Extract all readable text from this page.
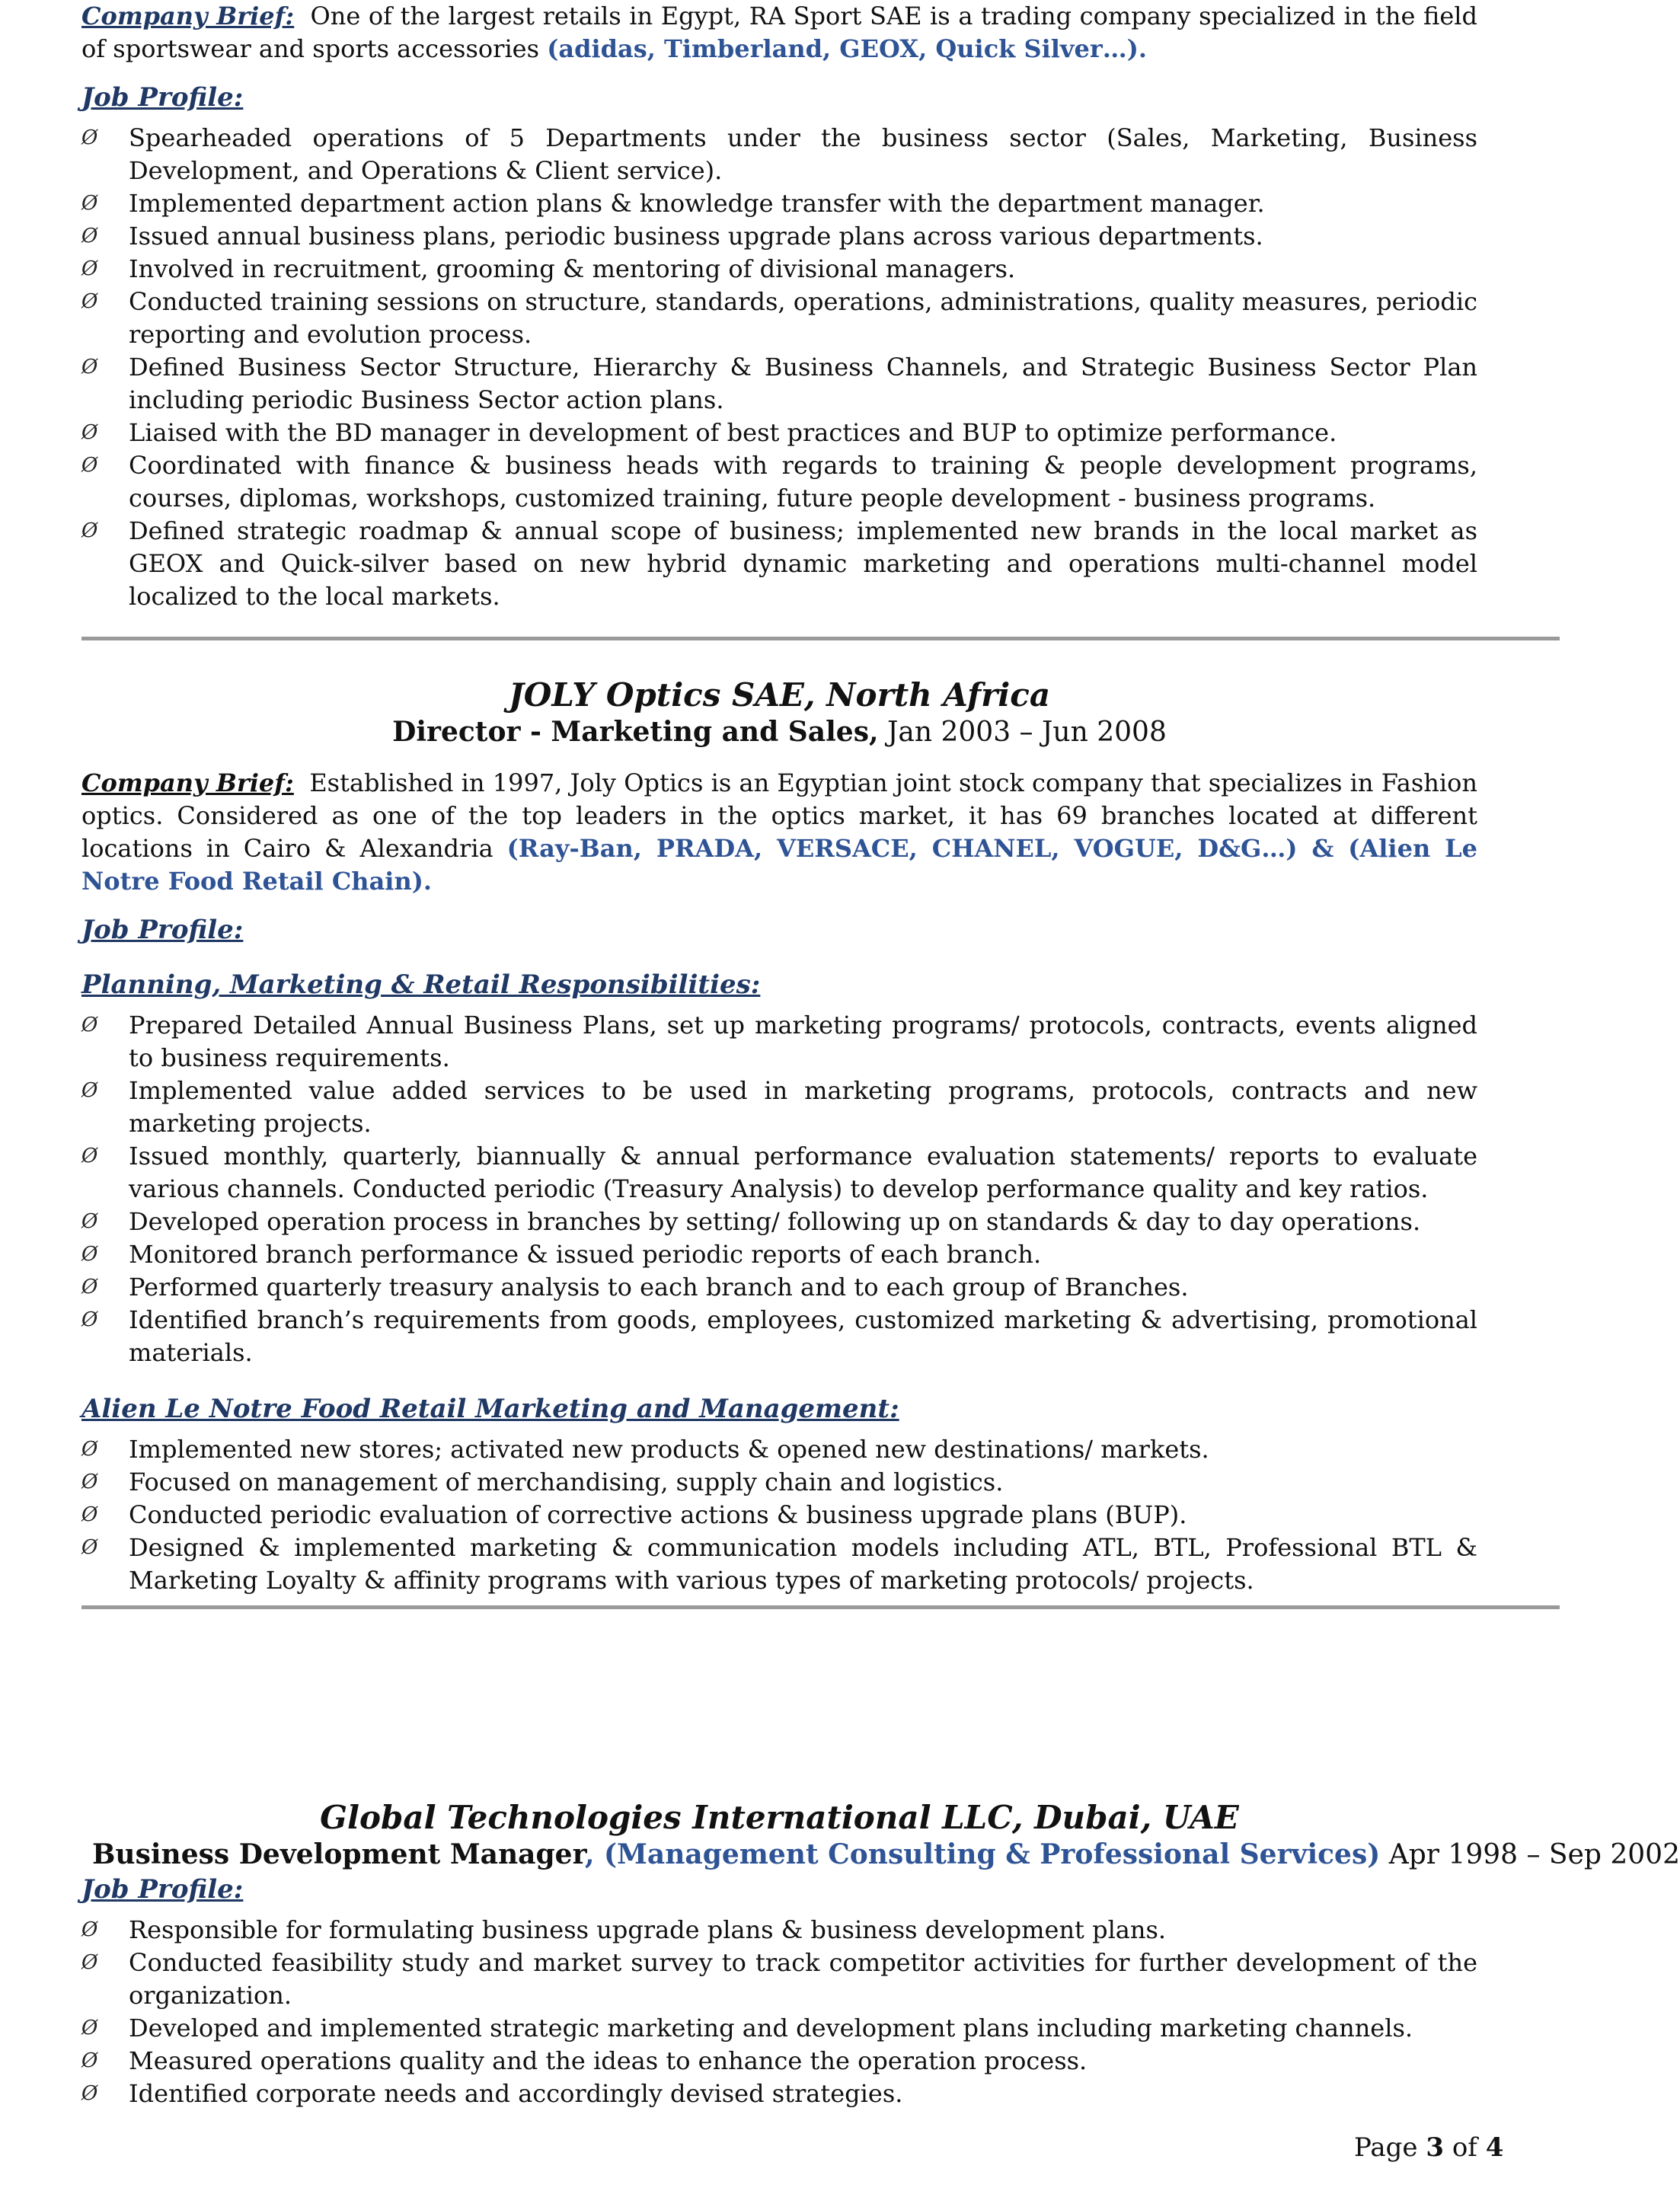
Company Brief: One of the largest retails in Egypt, RA Sport SAE is a trading company specialized in the field of sportswear and sports accessories (adidas, Timberland, GEOX, Quick Silver…).

Job Profile:

Ø Spearheaded operations of 5 Departments under the business sector (Sales, Marketing, Business Development, and Operations & Client service).
Ø Implemented department action plans & knowledge transfer with the department manager.
Ø Issued annual business plans, periodic business upgrade plans across various departments.
Ø Involved in recruitment, grooming & mentoring of divisional managers.
Ø Conducted training sessions on structure, standards, operations, administrations, quality measures, periodic reporting and evolution process.
Ø Defined Business Sector Structure, Hierarchy & Business Channels, and Strategic Business Sector Plan including periodic Business Sector action plans.
Ø Liaised with the BD manager in development of best practices and BUP to optimize performance.
Ø Coordinated with finance & business heads with regards to training & people development programs, courses, diplomas, workshops, customized training, future people development - business programs.
Ø Defined strategic roadmap & annual scope of business; implemented new brands in the local market as GEOX and Quick-silver based on new hybrid dynamic marketing and operations multi-channel model localized to the local markets.

JOLY Optics SAE, North Africa

Director - Marketing and Sales, Jan 2003 – Jun 2008

Company Brief: Established in 1997, Joly Optics is an Egyptian joint stock company that specializes in Fashion optics. Considered as one of the top leaders in the optics market, it has 69 branches located at different locations in Cairo & Alexandria (Ray-Ban, PRADA, VERSACE, CHANEL, VOGUE, D&G…) & (Alien Le Notre Food Retail Chain).

Job Profile:

Planning, Marketing & Retail Responsibilities:

Ø Prepared Detailed Annual Business Plans, set up marketing programs/ protocols, contracts, events aligned to business requirements.
Ø Implemented value added services to be used in marketing programs, protocols, contracts and new marketing projects.
Ø Issued monthly, quarterly, biannually & annual performance evaluation statements/ reports to evaluate various channels. Conducted periodic (Treasury Analysis) to develop performance quality and key ratios.
Ø Developed operation process in branches by setting/ following up on standards & day to day operations.
Ø Monitored branch performance & issued periodic reports of each branch.
Ø Performed quarterly treasury analysis to each branch and to each group of Branches.
Ø Identified branch’s requirements from goods, employees, customized marketing & advertising, promotional materials.

Alien Le Notre Food Retail Marketing and Management:

Ø Implemented new stores; activated new products & opened new destinations/ markets.
Ø Focused on management of merchandising, supply chain and logistics.
Ø Conducted periodic evaluation of corrective actions & business upgrade plans (BUP).
Ø Designed & implemented marketing & communication models including ATL, BTL, Professional BTL & Marketing Loyalty & affinity programs with various types of marketing protocols/ projects.

Global Technologies International LLC, Dubai, UAE

Business Development Manager, (Management Consulting & Professional Services) Apr 1998 – Sep 2002

Job Profile:

Ø Responsible for formulating business upgrade plans & business development plans.
Ø Conducted feasibility study and market survey to track competitor activities for further development of the organization.
Ø Developed and implemented strategic marketing and development plans including marketing channels.
Ø Measured operations quality and the ideas to enhance the operation process.
Ø Identified corporate needs and accordingly devised strategies.
Page 3 of 4
